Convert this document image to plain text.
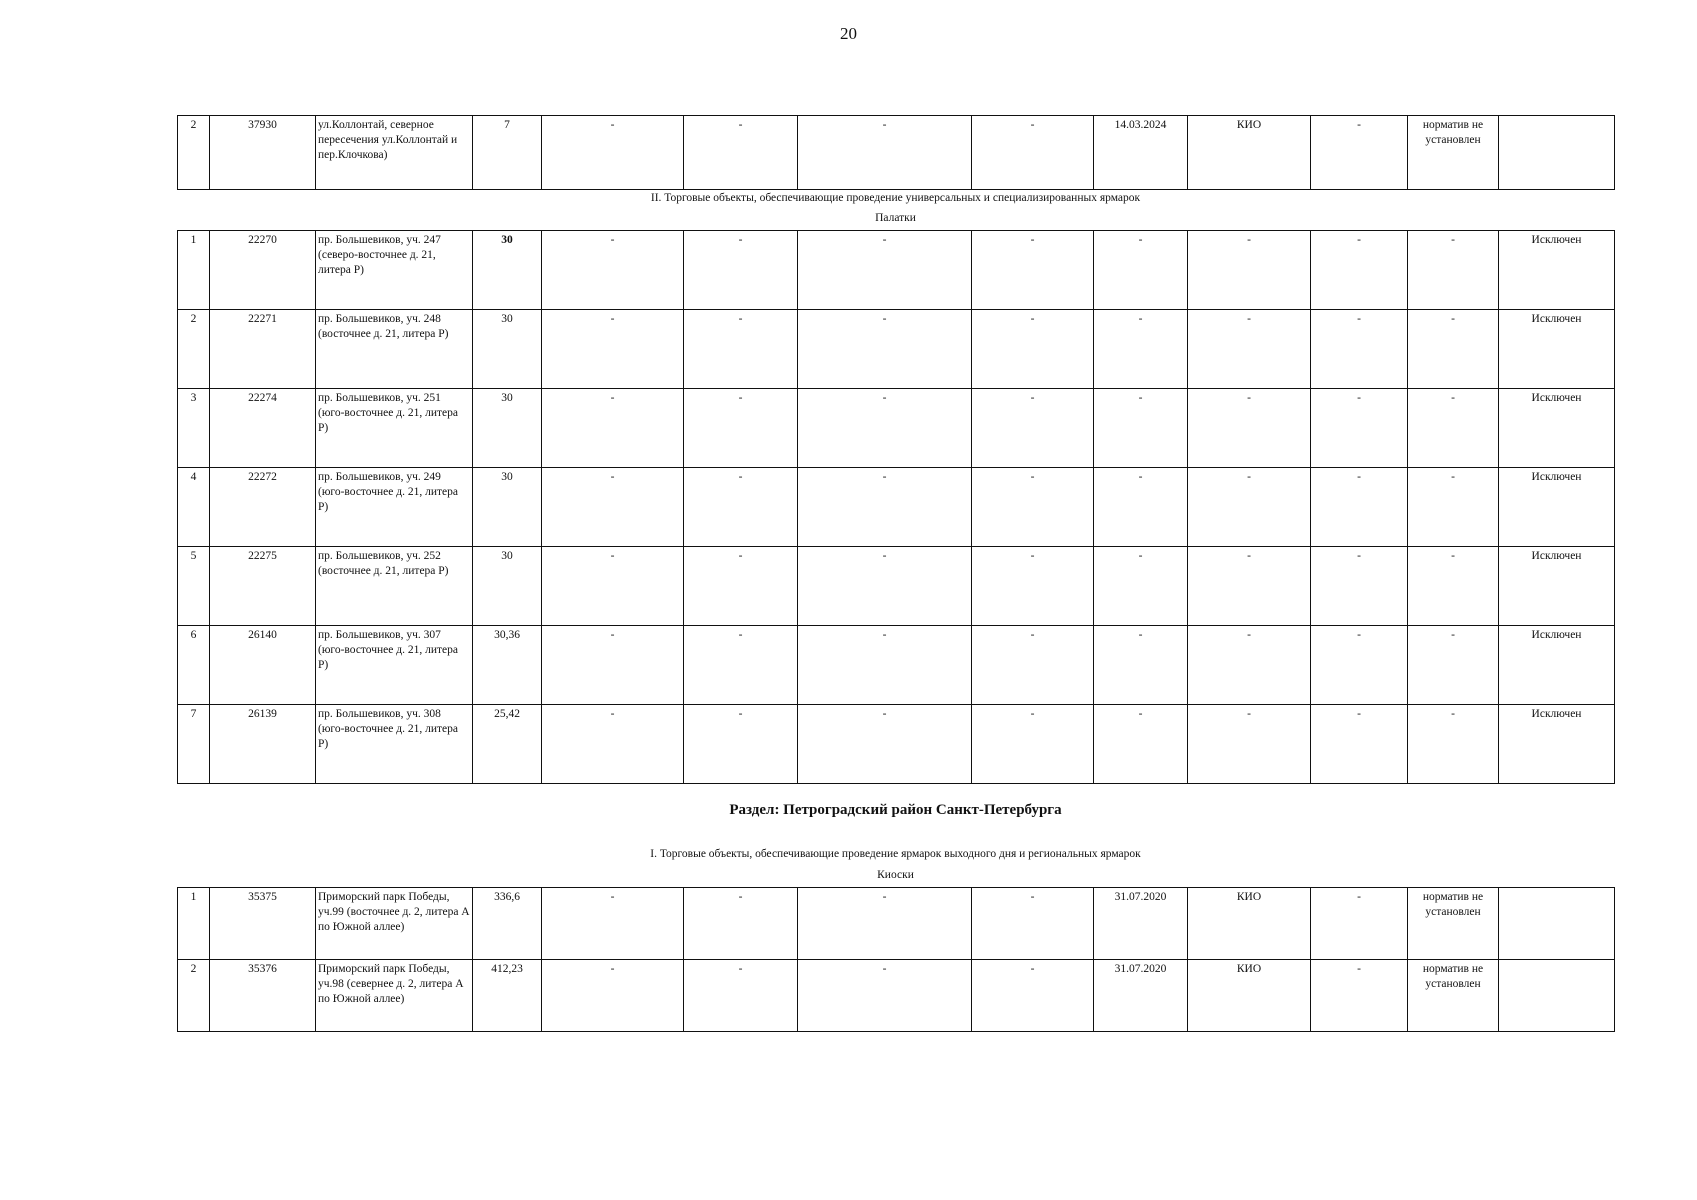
20
2	37930	ул.Коллонтай, северное пересечения ул.Коллонтай и пер.Клочкова)	7	-	-	-	-	14.03.2024	КИО	-	норматив не установлен	
II. Торговые объекты, обеспечивающие проведение универсальных и специализированных ярмарок
Палатки
1	22270	пр. Большевиков, уч. 247 (северо-восточнее д. 21, литера Р)	30	-	-	-	-	-	-	-	-	Исключен
2	22271	пр. Большевиков, уч. 248 (восточнее д. 21, литера Р)	30	-	-	-	-	-	-	-	-	Исключен
3	22274	пр. Большевиков, уч. 251 (юго-восточнее д. 21, литера Р)	30	-	-	-	-	-	-	-	-	Исключен
4	22272	пр. Большевиков, уч. 249 (юго-восточнее д. 21, литера Р)	30	-	-	-	-	-	-	-	-	Исключен
5	22275	пр. Большевиков, уч. 252 (восточнее д. 21, литера Р)	30	-	-	-	-	-	-	-	-	Исключен
6	26140	пр. Большевиков, уч. 307 (юго-восточнее д. 21, литера Р)	30,36	-	-	-	-	-	-	-	-	Исключен
7	26139	пр. Большевиков, уч. 308 (юго-восточнее д. 21, литера Р)	25,42	-	-	-	-	-	-	-	-	Исключен
Раздел: Петроградский район Санкт-Петербурга
I. Торговые объекты, обеспечивающие проведение ярмарок выходного дня и региональных ярмарок
Киоски
1	35375	Приморский парк Победы, уч.99 (восточнее д. 2, литера А по Южной аллее)	336,6	-	-	-	-	31.07.2020	КИО	-	норматив не установлен	
2	35376	Приморский парк Победы, уч.98 (севернее д. 2, литера А по Южной аллее)	412,23	-	-	-	-	31.07.2020	КИО	-	норматив не установлен	
